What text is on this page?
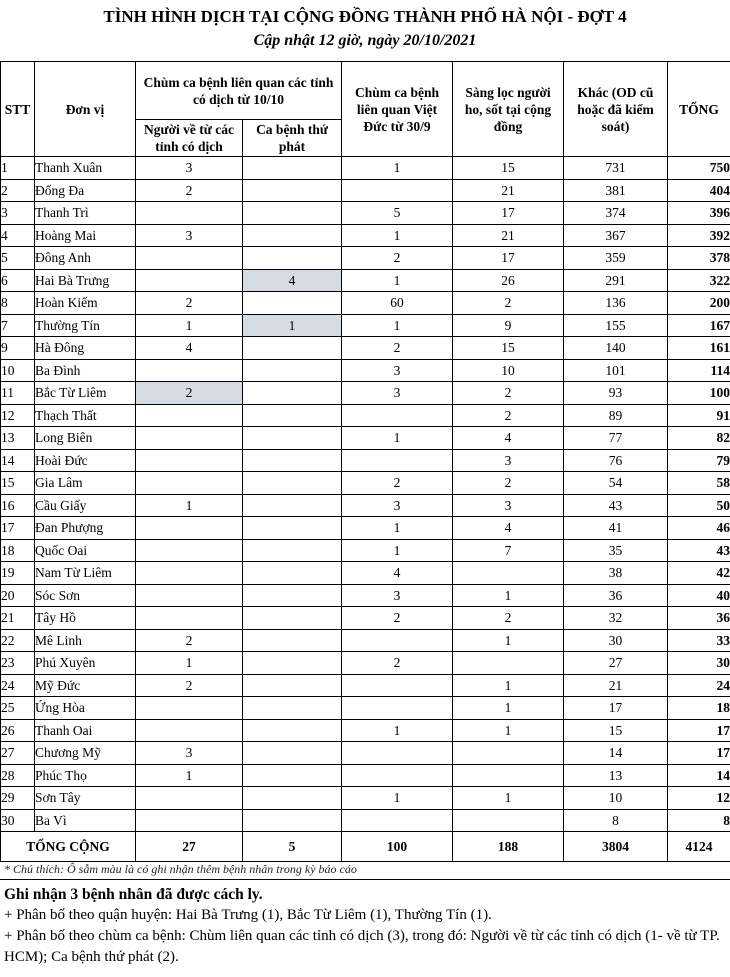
TÌNH HÌNH DỊCH TẠI CỘNG ĐỒNG THÀNH PHỐ HÀ NỘI - ĐỢT 4
Cập nhật 12 giờ, ngày 20/10/2021
STT	Đơn vị	Chùm ca bệnh liên quan các tỉnh có dịch từ 10/10		Chùm ca bệnh liên quan Việt Đức từ 30/9	Sàng lọc người ho, sốt tại cộng đồng	Khác (OD cũ hoặc đã kiểm soát)	TỔNG
		Người về từ các tỉnh có dịch	Ca bệnh thứ phát				
1	Thanh Xuân	3		1	15	731	750
2	Đống Đa	2			21	381	404
3	Thanh Trì			5	17	374	396
4	Hoàng Mai	3		1	21	367	392
5	Đông Anh			2	17	359	378
6	Hai Bà Trưng		4	1	26	291	322
8	Hoàn Kiếm	2		60	2	136	200
7	Thường Tín	1	1	1	9	155	167
9	Hà Đông	4		2	15	140	161
10	Ba Đình			3	10	101	114
11	Bắc Từ Liêm	2		3	2	93	100
12	Thạch Thất				2	89	91
13	Long Biên			1	4	77	82
14	Hoài Đức				3	76	79
15	Gia Lâm			2	2	54	58
16	Cầu Giấy	1		3	3	43	50
17	Đan Phượng			1	4	41	46
18	Quốc Oai			1	7	35	43
19	Nam Từ Liêm			4		38	42
20	Sóc Sơn			3	1	36	40
21	Tây Hồ			2	2	32	36
22	Mê Linh	2			1	30	33
23	Phú Xuyên	1		2		27	30
24	Mỹ Đức	2			1	21	24
25	Ứng Hòa				1	17	18
26	Thanh Oai			1	1	15	17
27	Chương Mỹ	3				14	17
28	Phúc Thọ	1				13	14
29	Sơn Tây			1	1	10	12
30	Ba Vì					8	8
TỔNG CỘNG		27	5	100	188	3804	4124
* Chú thích: Ô sẫm màu là có ghi nhận thêm bệnh nhân trong kỳ báo cáo
Ghi nhận 3 bệnh nhân đã được cách ly.
+ Phân bố theo quận huyện: Hai Bà Trưng (1), Bắc Từ Liêm (1), Thường Tín (1).
+ Phân bố theo chùm ca bệnh: Chùm liên quan các tỉnh có dịch (3), trong đó: Người về từ các tỉnh có dịch (1- về từ TP. HCM); Ca bệnh thứ phát (2).
